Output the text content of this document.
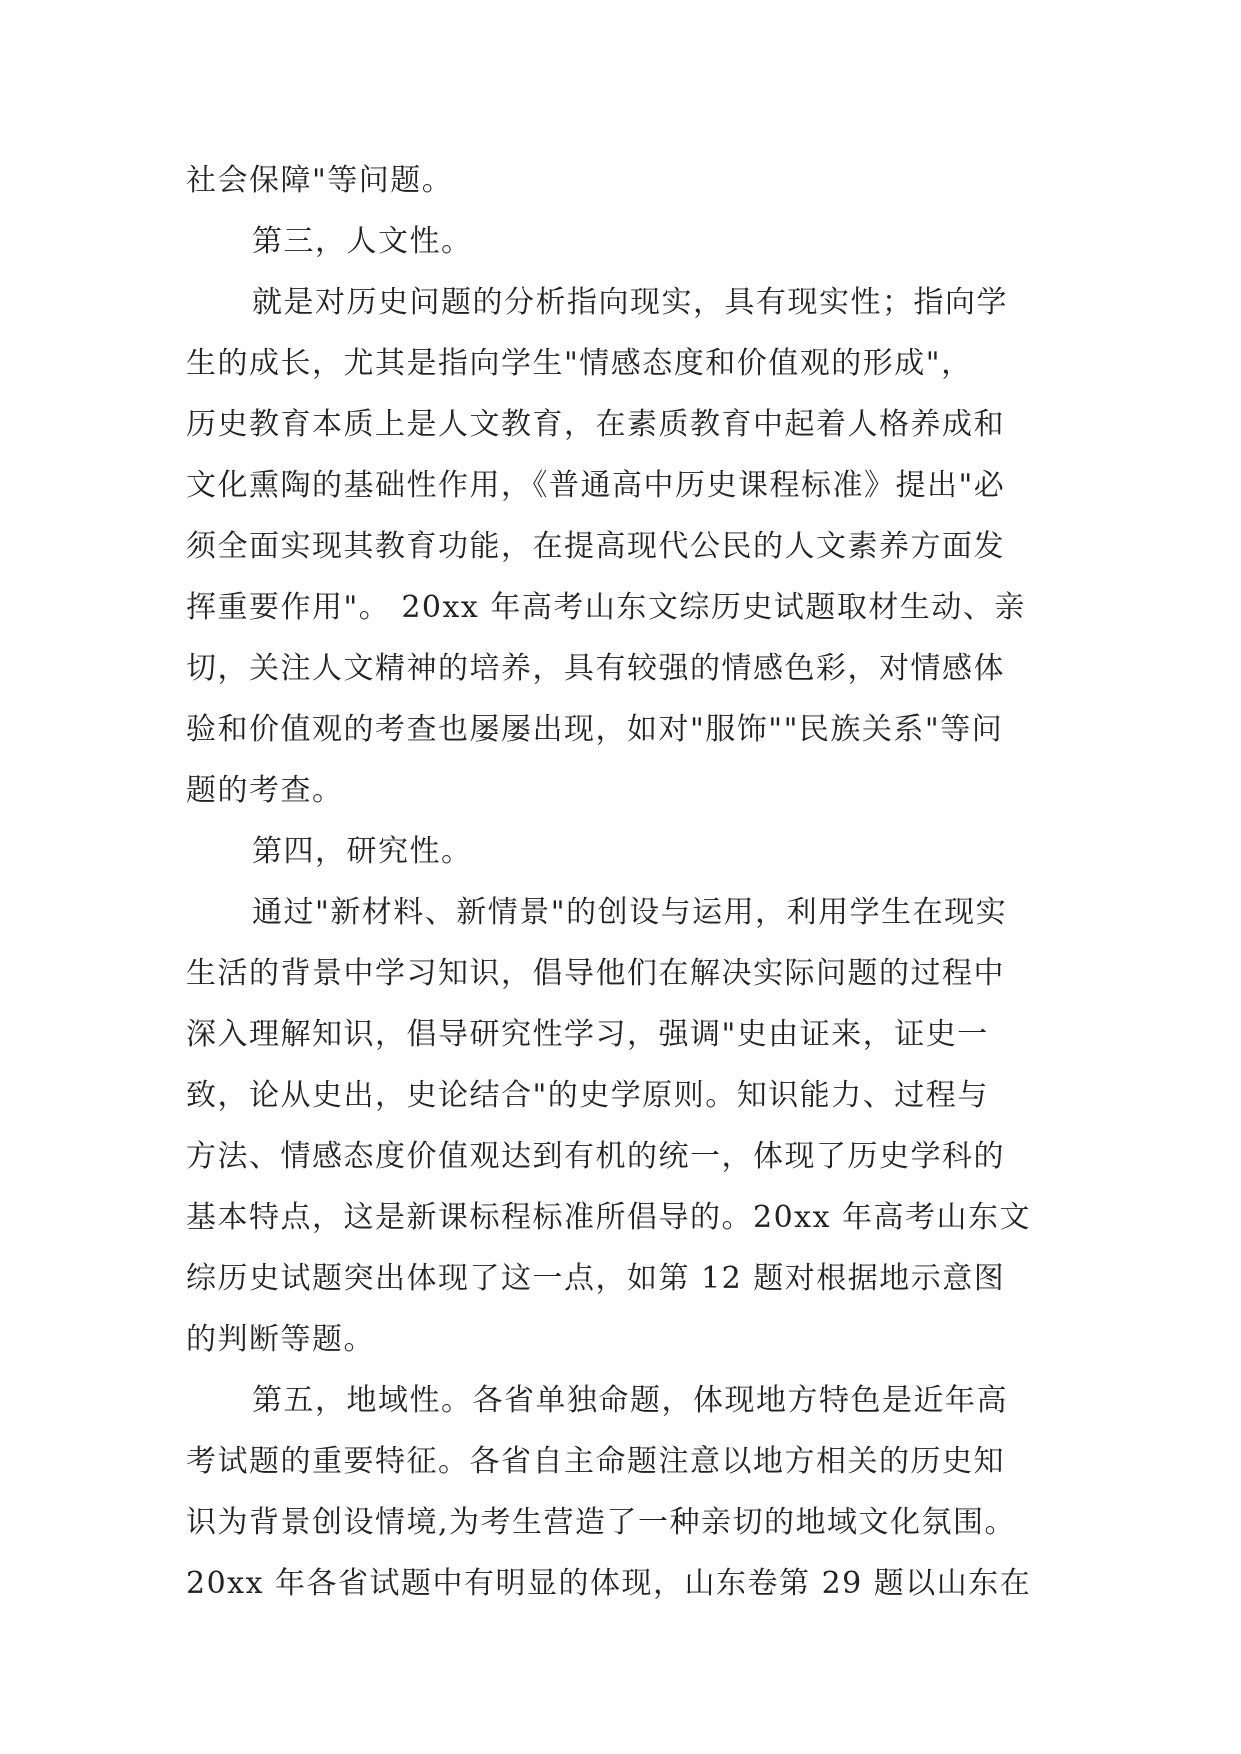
社会保障"等问题。
第三，人文性。
就是对历史问题的分析指向现实，具有现实性；指向学
生的成长，尤其是指向学生"情感态度和价值观的形成"，
历史教育本质上是人文教育，在素质教育中起着人格养成和
文化熏陶的基础性作用，《普通高中历史课程标准》提出"必
须全面实现其教育功能，在提高现代公民的人文素养方面发
挥重要作用"。 20xx 年高考山东文综历史试题取材生动、亲
切，关注人文精神的培养，具有较强的情感色彩，对情感体
验和价值观的考查也屡屡出现，如对"服饰""民族关系"等问
题的考查。
第四，研究性。
通过"新材料、新情景"的创设与运用，利用学生在现实
生活的背景中学习知识，倡导他们在解决实际问题的过程中
深入理解知识，倡导研究性学习，强调"史由证来，证史一
致，论从史出，史论结合"的史学原则。知识能力、过程与
方法、情感态度价值观达到有机的统一，体现了历史学科的
基本特点，这是新课标程标准所倡导的。20xx 年高考山东文
综历史试题突出体现了这一点，如第 12 题对根据地示意图
的判断等题。
第五，地域性。各省单独命题，体现地方特色是近年高
考试题的重要特征。各省自主命题注意以地方相关的历史知
识为背景创设情境,为考生营造了一种亲切的地域文化氛围。
20xx 年各省试题中有明显的体现，山东卷第 29 题以山东在
